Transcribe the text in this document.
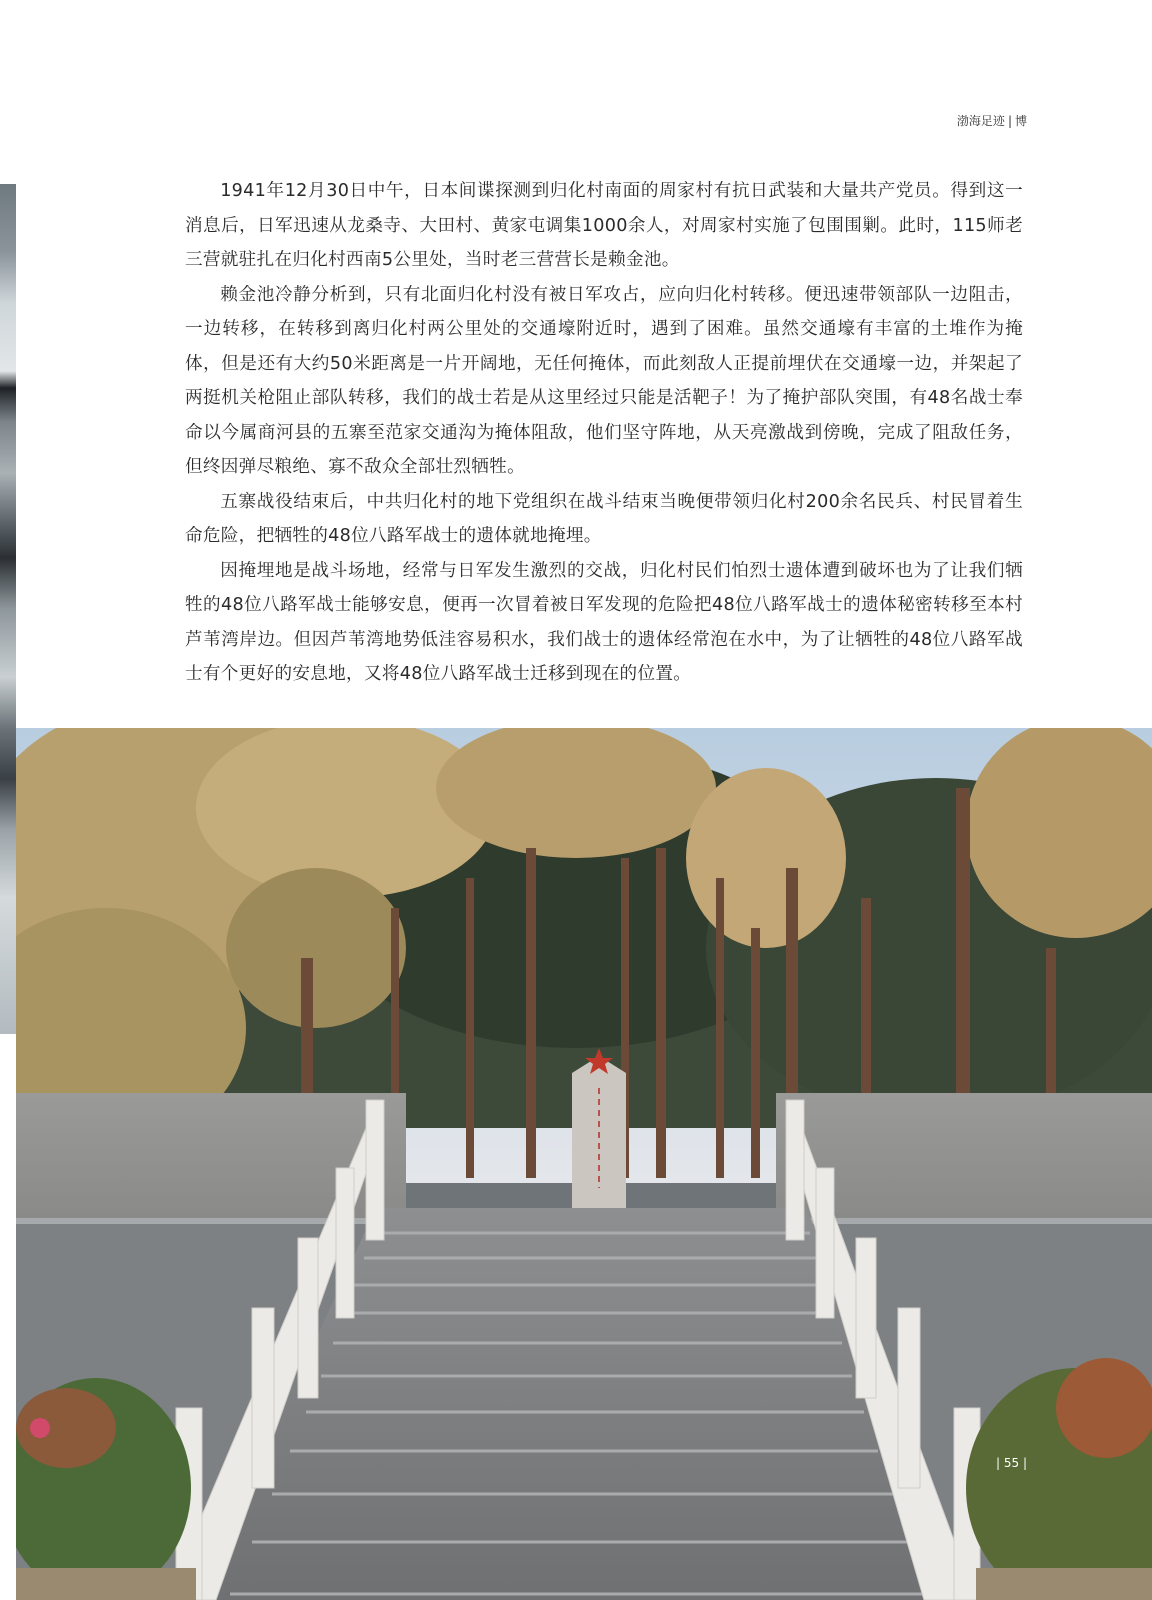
渤海足迹 | 博

1941年12月30日中午，日本间谍探测到归化村南面的周家村有抗日武装和大量共产党员。得到这一消息后，日军迅速从龙桑寺、大田村、黄家屯调集1000余人，对周家村实施了包围围剿。此时，115师老三营就驻扎在归化村西南5公里处，当时老三营营长是赖金池。

赖金池冷静分析到，只有北面归化村没有被日军攻占，应向归化村转移。便迅速带领部队一边阻击，一边转移，在转移到离归化村两公里处的交通壕附近时，遇到了困难。虽然交通壕有丰富的土堆作为掩体，但是还有大约50米距离是一片开阔地，无任何掩体，而此刻敌人正提前埋伏在交通壕一边，并架起了两挺机关枪阻止部队转移，我们的战士若是从这里经过只能是活靶子！为了掩护部队突围，有48名战士奉命以今属商河县的五寨至范家交通沟为掩体阻敌，他们坚守阵地，从天亮激战到傍晚，完成了阻敌任务，但终因弹尽粮绝、寡不敌众全部壮烈牺牲。

五寨战役结束后，中共归化村的地下党组织在战斗结束当晚便带领归化村200余名民兵、村民冒着生命危险，把牺牲的48位八路军战士的遗体就地掩埋。

因掩埋地是战斗场地，经常与日军发生激烈的交战，归化村民们怕烈士遗体遭到破坏也为了让我们牺牲的48位八路军战士能够安息，便再一次冒着被日军发现的危险把48位八路军战士的遗体秘密转移至本村芦苇湾岸边。但因芦苇湾地势低洼容易积水，我们战士的遗体经常泡在水中，为了让牺牲的48位八路军战士有个更好的安息地，又将48位八路军战士迁移到现在的位置。

| 55 |
